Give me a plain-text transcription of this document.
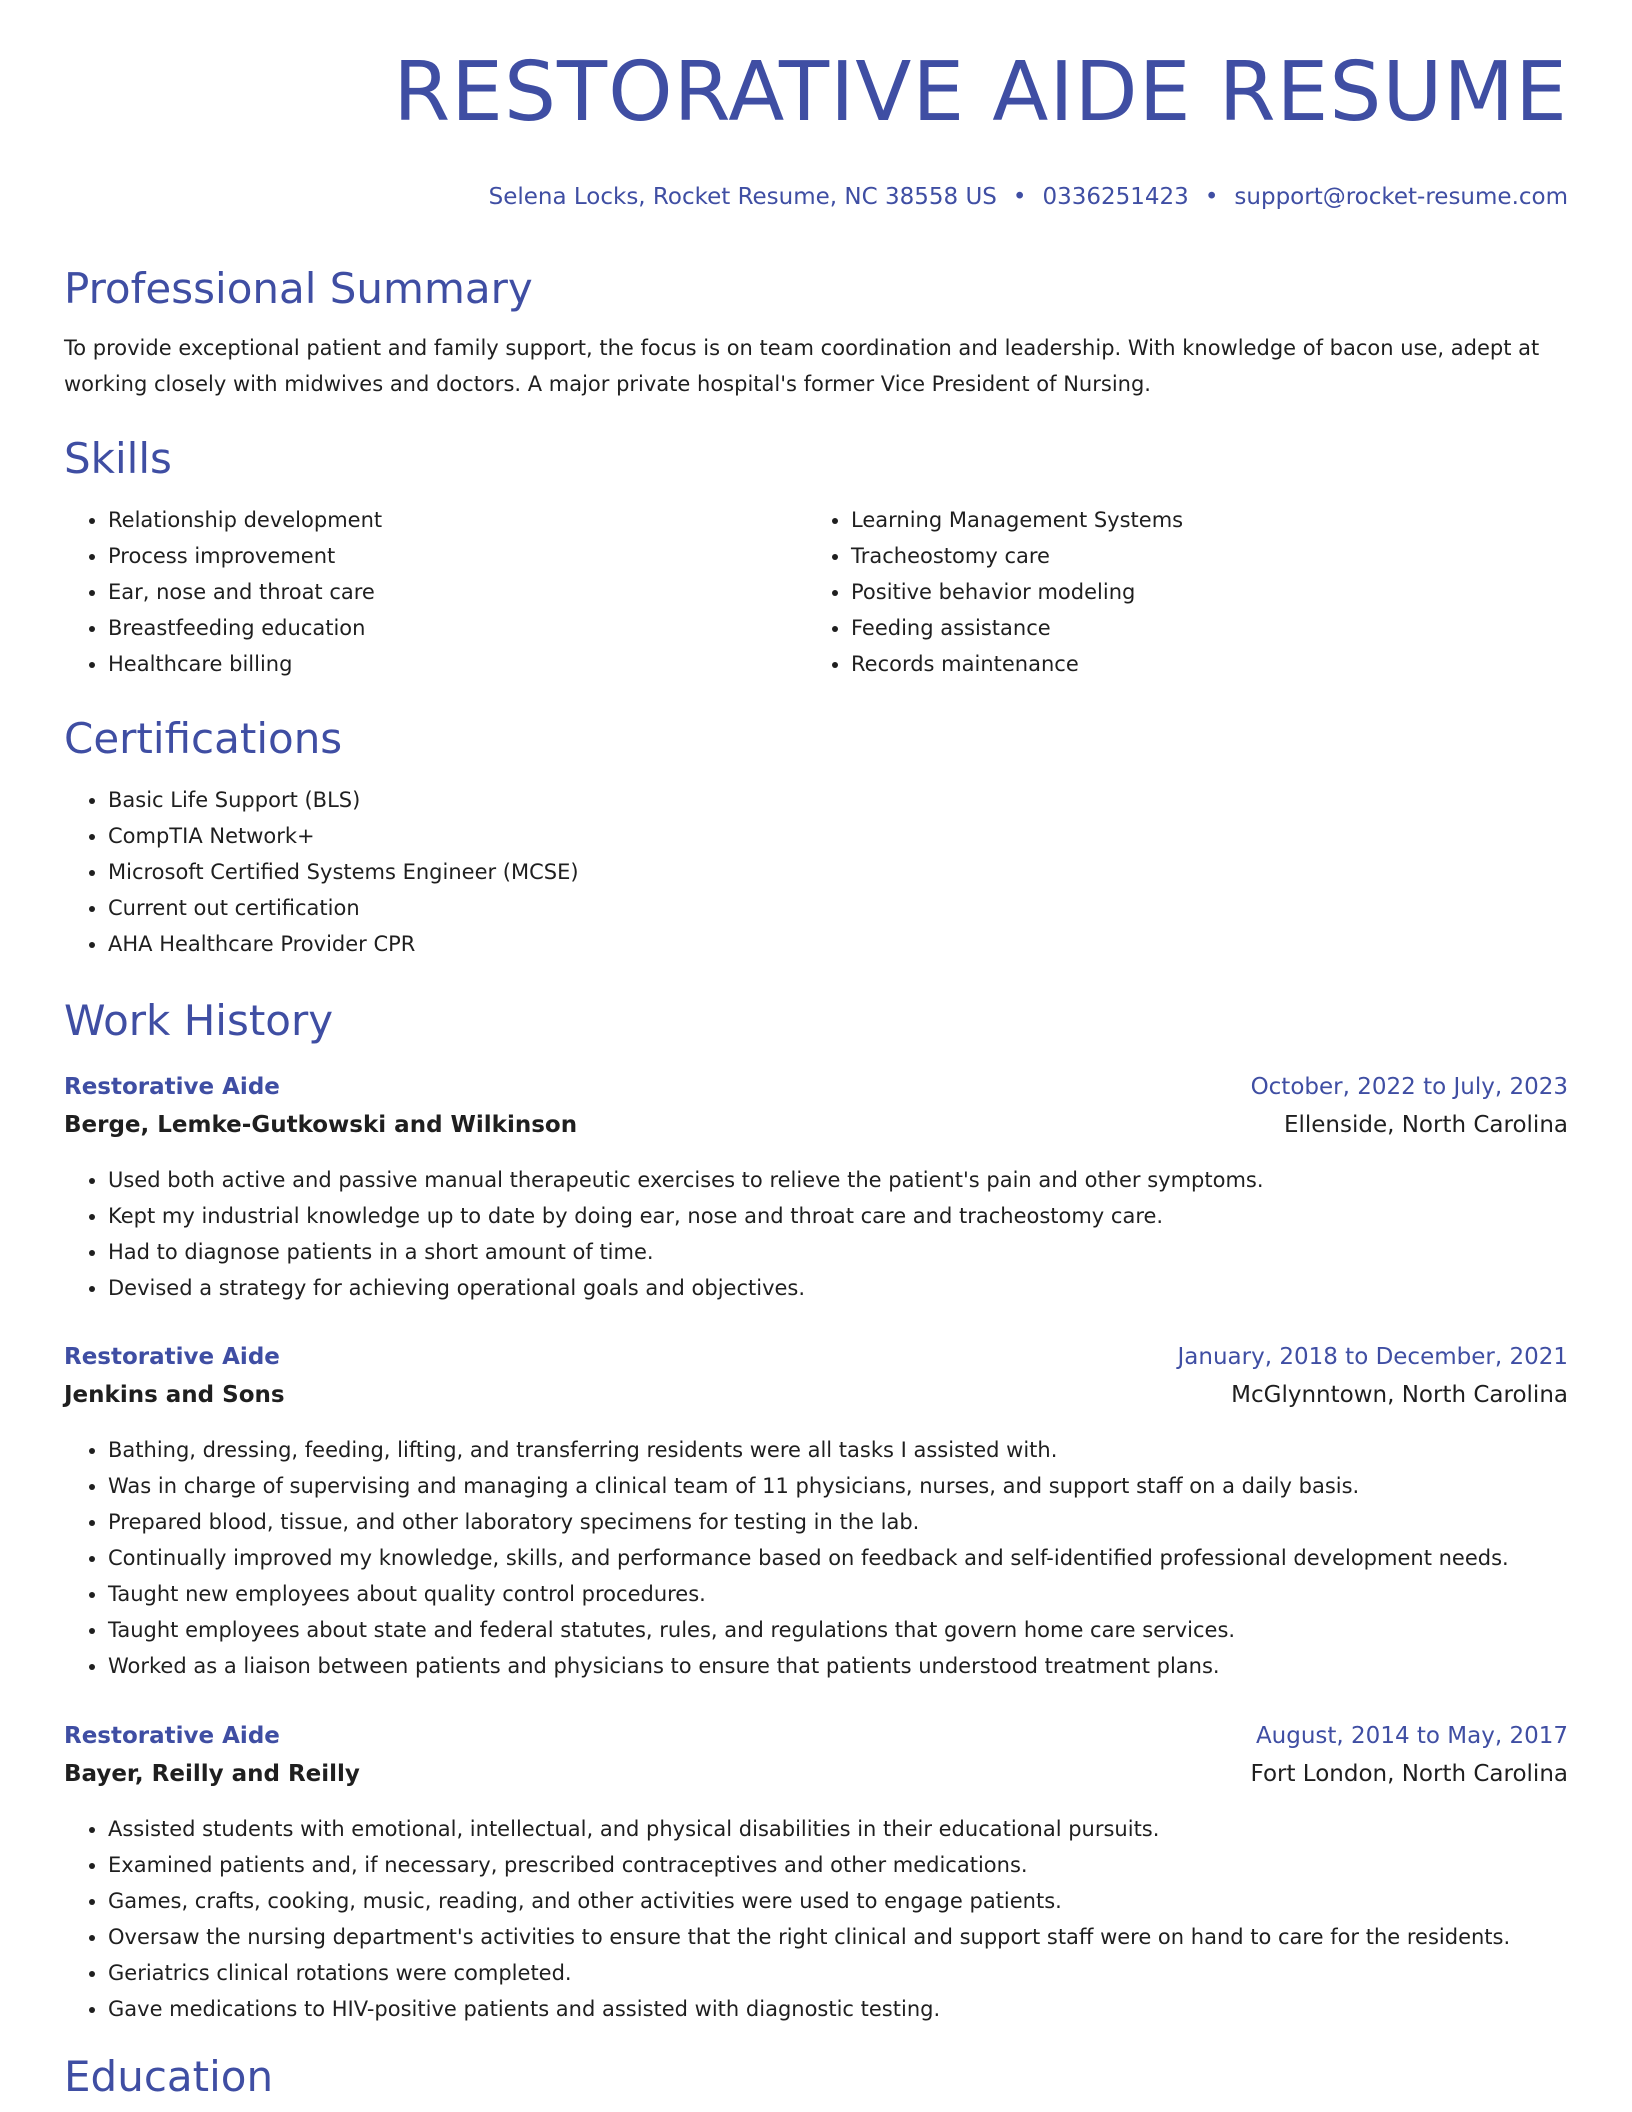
RESTORATIVE AIDE RESUME
Selena Locks, Rocket Resume, NC 38558 US • 0336251423 • support@rocket-resume.com
Professional Summary

To provide exceptional patient and family support, the focus is on team coordination and leadership. With knowledge of bacon use, adept at working closely with midwives and doctors. A major private hospital's former Vice President of Nursing.

Skills
• Relationship development
• Process improvement
• Ear, nose and throat care
• Breastfeeding education
• Healthcare billing
• Learning Management Systems
• Tracheostomy care
• Positive behavior modeling
• Feeding assistance
• Records maintenance
Certifications
• Basic Life Support (BLS)
• CompTIA Network+
• Microsoft Certified Systems Engineer (MCSE)
• Current out certification
• AHA Healthcare Provider CPR
Work History
Restorative Aide	October, 2022 to July, 2023
Berge, Lemke-Gutkowski and Wilkinson	Ellenside, North Carolina
• Used both active and passive manual therapeutic exercises to relieve the patient's pain and other symptoms.
• Kept my industrial knowledge up to date by doing ear, nose and throat care and tracheostomy care.
• Had to diagnose patients in a short amount of time.
• Devised a strategy for achieving operational goals and objectives.
Restorative Aide	January, 2018 to December, 2021
Jenkins and Sons	McGlynntown, North Carolina
• Bathing, dressing, feeding, lifting, and transferring residents were all tasks I assisted with.
• Was in charge of supervising and managing a clinical team of 11 physicians, nurses, and support staff on a daily basis.
• Prepared blood, tissue, and other laboratory specimens for testing in the lab.
• Continually improved my knowledge, skills, and performance based on feedback and self-identified professional development needs.
• Taught new employees about quality control procedures.
• Taught employees about state and federal statutes, rules, and regulations that govern home care services.
• Worked as a liaison between patients and physicians to ensure that patients understood treatment plans.
Restorative Aide	August, 2014 to May, 2017
Bayer, Reilly and Reilly	Fort London, North Carolina
• Assisted students with emotional, intellectual, and physical disabilities in their educational pursuits.
• Examined patients and, if necessary, prescribed contraceptives and other medications.
• Games, crafts, cooking, music, reading, and other activities were used to engage patients.
• Oversaw the nursing department's activities to ensure that the right clinical and support staff were on hand to care for the residents.
• Geriatrics clinical rotations were completed.
• Gave medications to HIV-positive patients and assisted with diagnostic testing.
Education
